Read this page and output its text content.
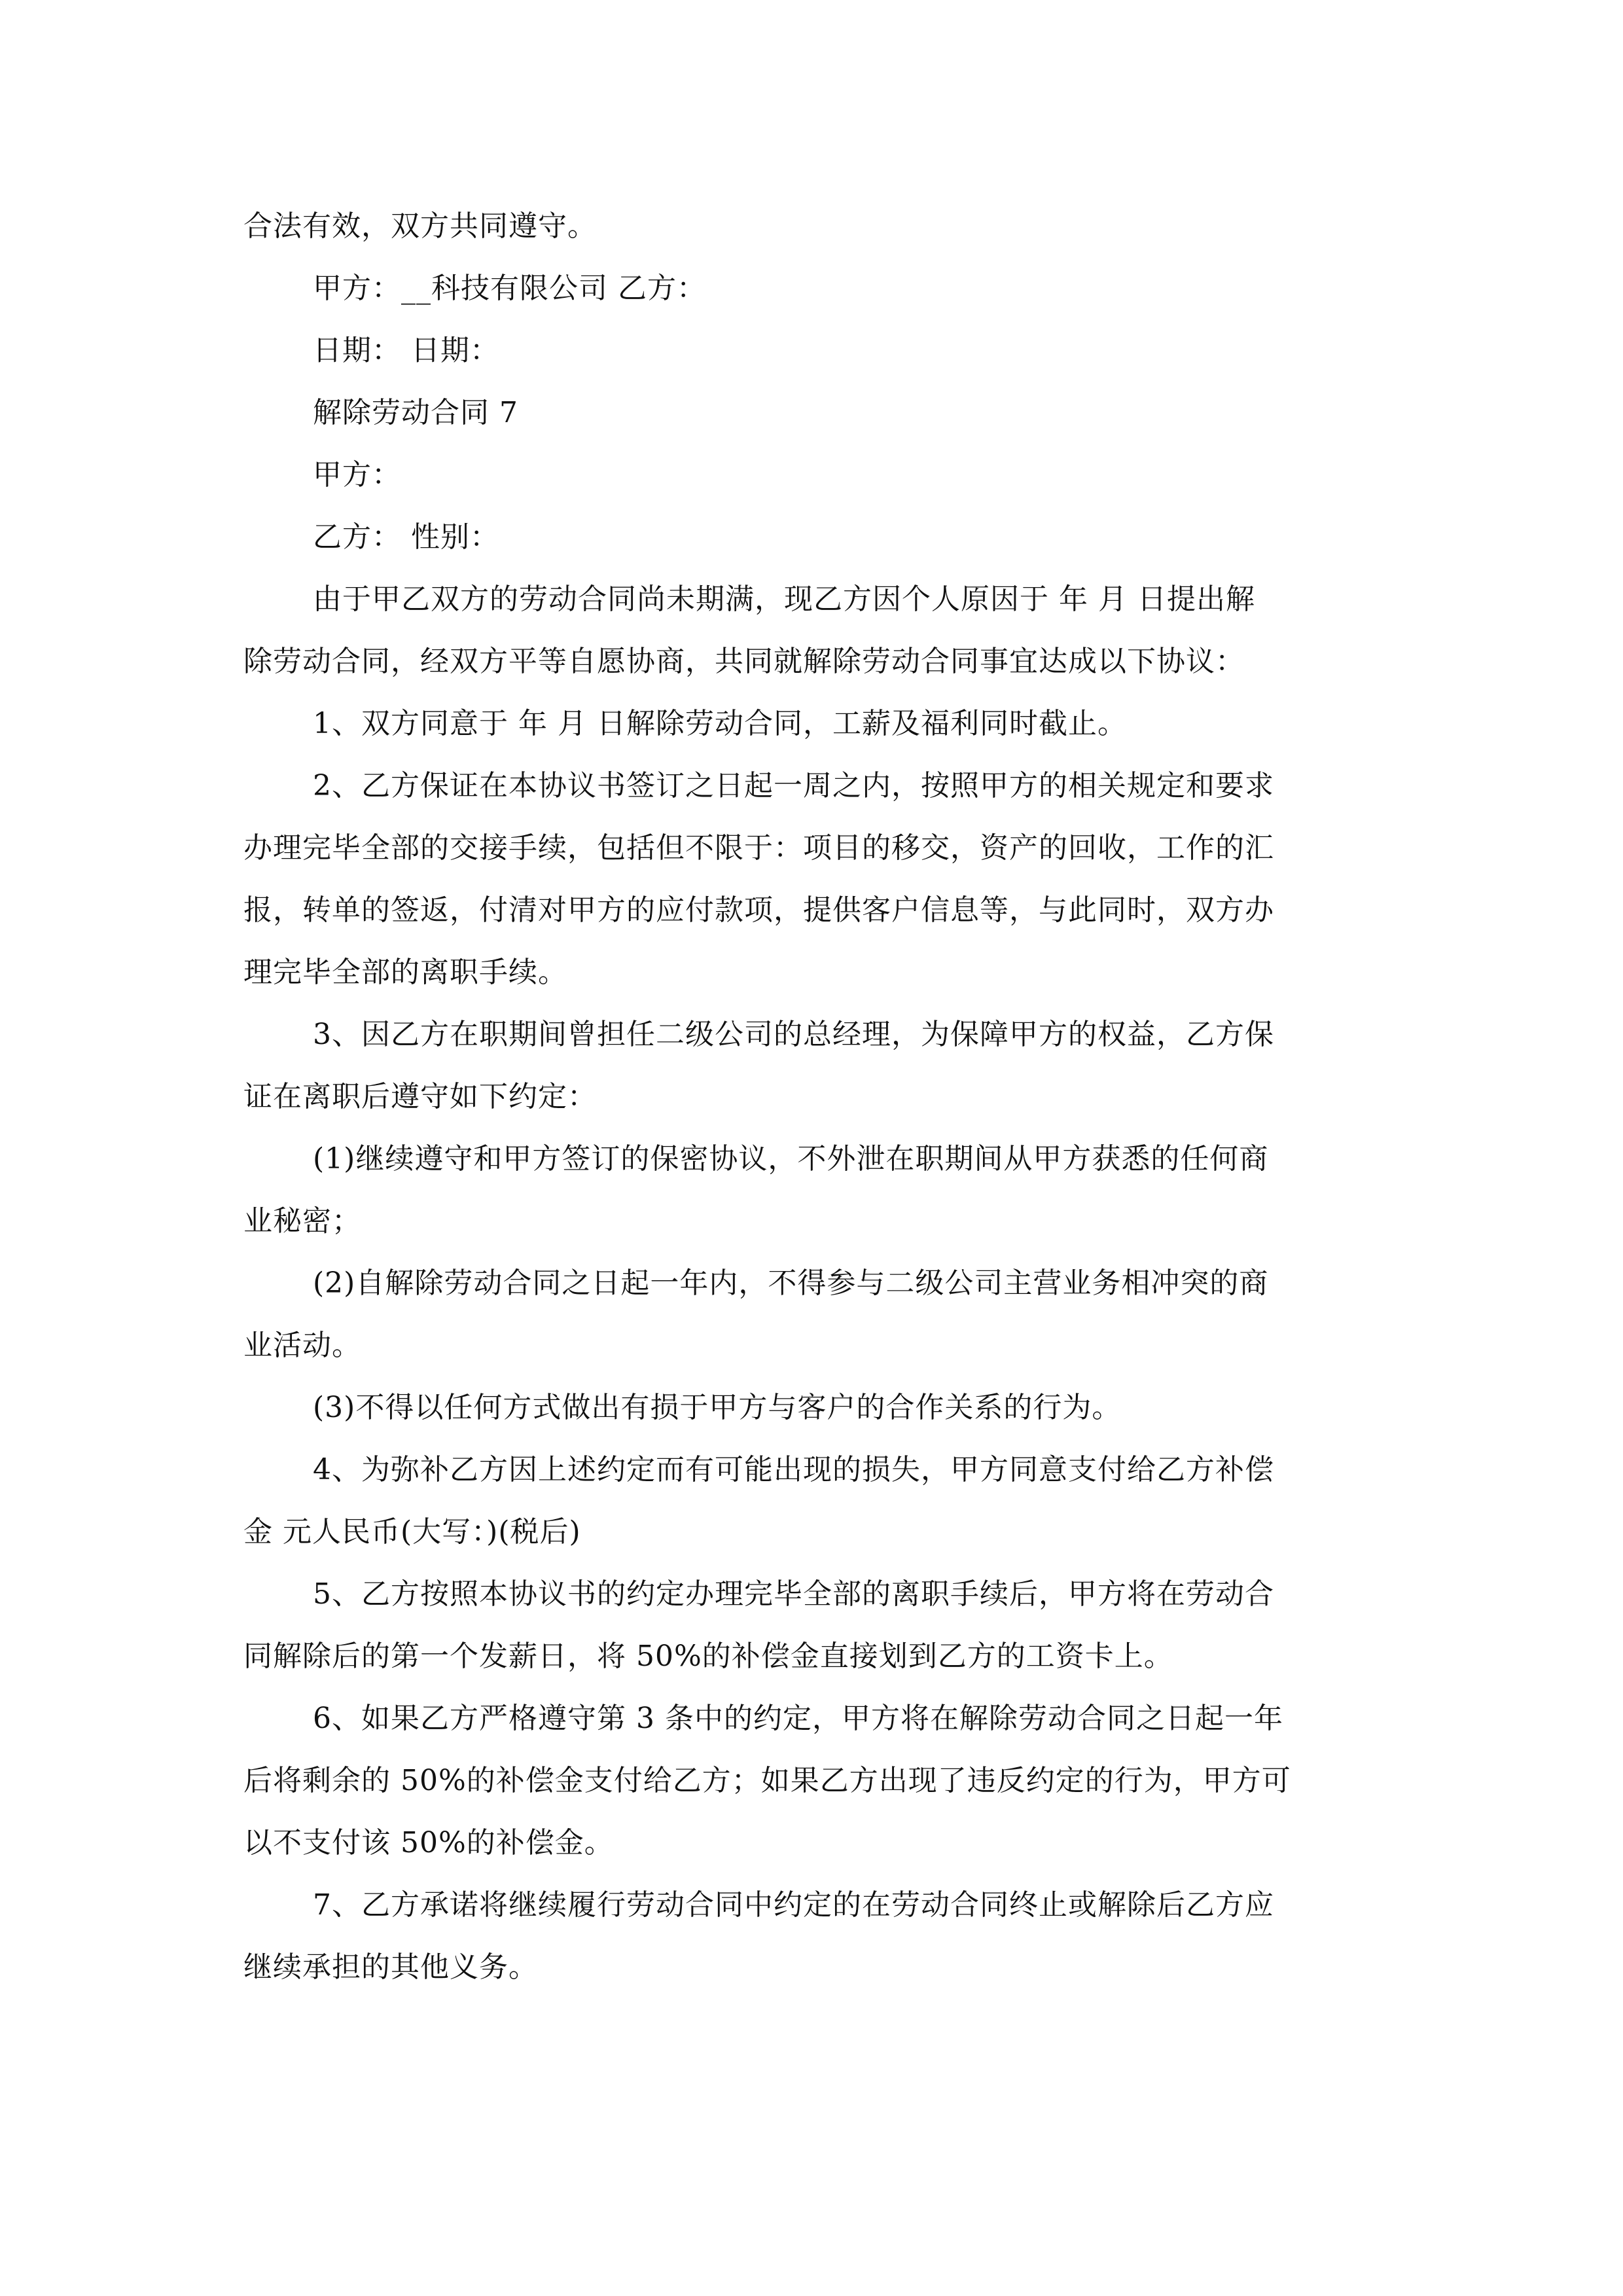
合法有效，双方共同遵守。
甲方：__科技有限公司 乙方：
日期： 日期：
解除劳动合同 7
甲方：
乙方： 性别：
由于甲乙双方的劳动合同尚未期满，现乙方因个人原因于 年 月 日提出解
除劳动合同，经双方平等自愿协商，共同就解除劳动合同事宜达成以下协议：
1、双方同意于 年 月 日解除劳动合同，工薪及福利同时截止。
2、乙方保证在本协议书签订之日起一周之内，按照甲方的相关规定和要求
办理完毕全部的交接手续，包括但不限于：项目的移交，资产的回收，工作的汇
报，转单的签返，付清对甲方的应付款项，提供客户信息等，与此同时，双方办
理完毕全部的离职手续。
3、因乙方在职期间曾担任二级公司的总经理，为保障甲方的权益，乙方保
证在离职后遵守如下约定：
(1)继续遵守和甲方签订的保密协议，不外泄在职期间从甲方获悉的任何商
业秘密；
(2)自解除劳动合同之日起一年内，不得参与二级公司主营业务相冲突的商
业活动。
(3)不得以任何方式做出有损于甲方与客户的合作关系的行为。
4、为弥补乙方因上述约定而有可能出现的损失，甲方同意支付给乙方补偿
金 元人民币(大写：)(税后)
5、乙方按照本协议书的约定办理完毕全部的离职手续后，甲方将在劳动合
同解除后的第一个发薪日，将 50%的补偿金直接划到乙方的工资卡上。
6、如果乙方严格遵守第 3 条中的约定，甲方将在解除劳动合同之日起一年
后将剩余的 50%的补偿金支付给乙方；如果乙方出现了违反约定的行为，甲方可
以不支付该 50%的补偿金。
7、乙方承诺将继续履行劳动合同中约定的在劳动合同终止或解除后乙方应
继续承担的其他义务。
